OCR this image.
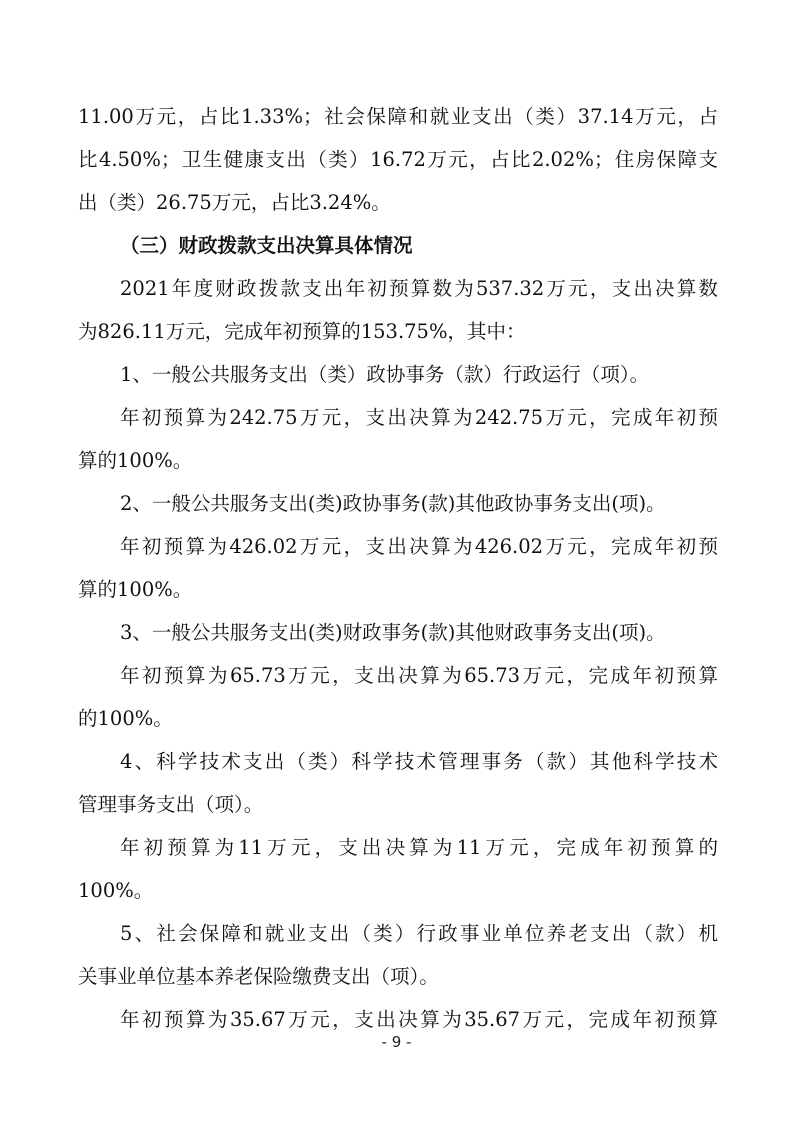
11.00万元，占比1.33%；社会保障和就业支出（类）37.14万元，占
比4.50%；卫生健康支出（类）16.72万元，占比2.02%；住房保障支
出（类）26.75万元，占比3.24%。
（三）财政拨款支出决算具体情况
2021年度财政拨款支出年初预算数为537.32万元，支出决算数
为826.11万元，完成年初预算的153.75%，其中：
1、一般公共服务支出（类）政协事务（款）行政运行（项）。
年初预算为242.75万元，支出决算为242.75万元，完成年初预
算的100%。
2、一般公共服务支出(类)政协事务(款)其他政协事务支出(项)。
年初预算为426.02万元，支出决算为426.02万元，完成年初预
算的100%。
3、一般公共服务支出(类)财政事务(款)其他财政事务支出(项)。
年初预算为65.73万元，支出决算为65.73万元，完成年初预算
的100%。
4、科学技术支出（类）科学技术管理事务（款）其他科学技术
管理事务支出（项）。
年初预算为11万元，支出决算为11万元，完成年初预算的
100%。
5、社会保障和就业支出（类）行政事业单位养老支出（款）机
关事业单位基本养老保险缴费支出（项）。
年初预算为35.67万元，支出决算为35.67万元，完成年初预算
- 9 -
